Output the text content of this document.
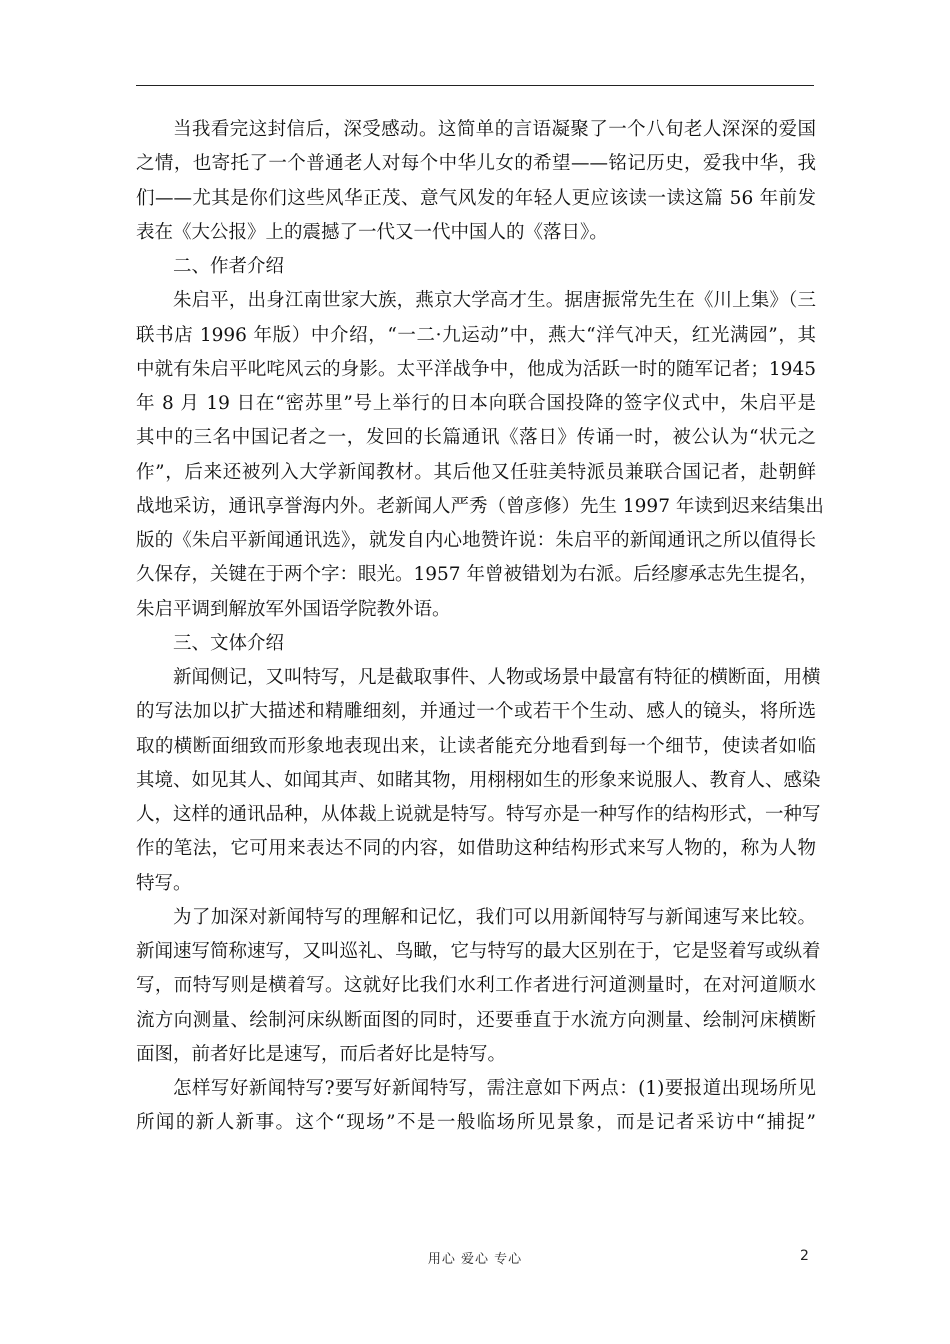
当我看完这封信后，深受感动。这简单的言语凝聚了一个八旬老人深深的爱国
之情，也寄托了一个普通老人对每个中华儿女的希望——铭记历史，爱我中华，我
们——尤其是你们这些风华正茂、意气风发的年轻人更应该读一读这篇 56 年前发
表在《大公报》上的震撼了一代又一代中国人的《落日》。
二、作者介绍
朱启平，出身江南世家大族，燕京大学高才生。据唐振常先生在《川上集》（三
联书店 1996 年版）中介绍，“一二·九运动”中，燕大“洋气冲天，红光满园”，其
中就有朱启平叱咤风云的身影。太平洋战争中，他成为活跃一时的随军记者；1945
年 8 月 19 日在“密苏里”号上举行的日本向联合国投降的签字仪式中，朱启平是
其中的三名中国记者之一，发回的长篇通讯《落日》传诵一时，被公认为“状元之
作”，后来还被列入大学新闻教材。其后他又任驻美特派员兼联合国记者，赴朝鲜
战地采访，通讯享誉海内外。老新闻人严秀（曾彦修）先生 1997 年读到迟来结集出
版的《朱启平新闻通讯选》，就发自内心地赞许说：朱启平的新闻通讯之所以值得长
久保存，关键在于两个字：眼光。1957 年曾被错划为右派。后经廖承志先生提名，
朱启平调到解放军外国语学院教外语。
三、文体介绍
新闻侧记，又叫特写，凡是截取事件、人物或场景中最富有特征的横断面，用横
的写法加以扩大描述和精雕细刻，并通过一个或若干个生动、感人的镜头，将所选
取的横断面细致而形象地表现出来，让读者能充分地看到每一个细节，使读者如临
其境、如见其人、如闻其声、如睹其物，用栩栩如生的形象来说服人、教育人、感染
人，这样的通讯品种，从体裁上说就是特写。特写亦是一种写作的结构形式，一种写
作的笔法，它可用来表达不同的内容，如借助这种结构形式来写人物的，称为人物
特写。
为了加深对新闻特写的理解和记忆，我们可以用新闻特写与新闻速写来比较。
新闻速写简称速写，又叫巡礼、鸟瞰，它与特写的最大区别在于，它是竖着写或纵着
写，而特写则是横着写。这就好比我们水利工作者进行河道测量时，在对河道顺水
流方向测量、绘制河床纵断面图的同时，还要垂直于水流方向测量、绘制河床横断
面图，前者好比是速写，而后者好比是特写。
怎样写好新闻特写?要写好新闻特写，需注意如下两点：(1)要报道出现场所见
所闻的新人新事。这个“现场”不是一般临场所见景象，而是记者采访中“捕捉”
用心 爱心 专心	2
